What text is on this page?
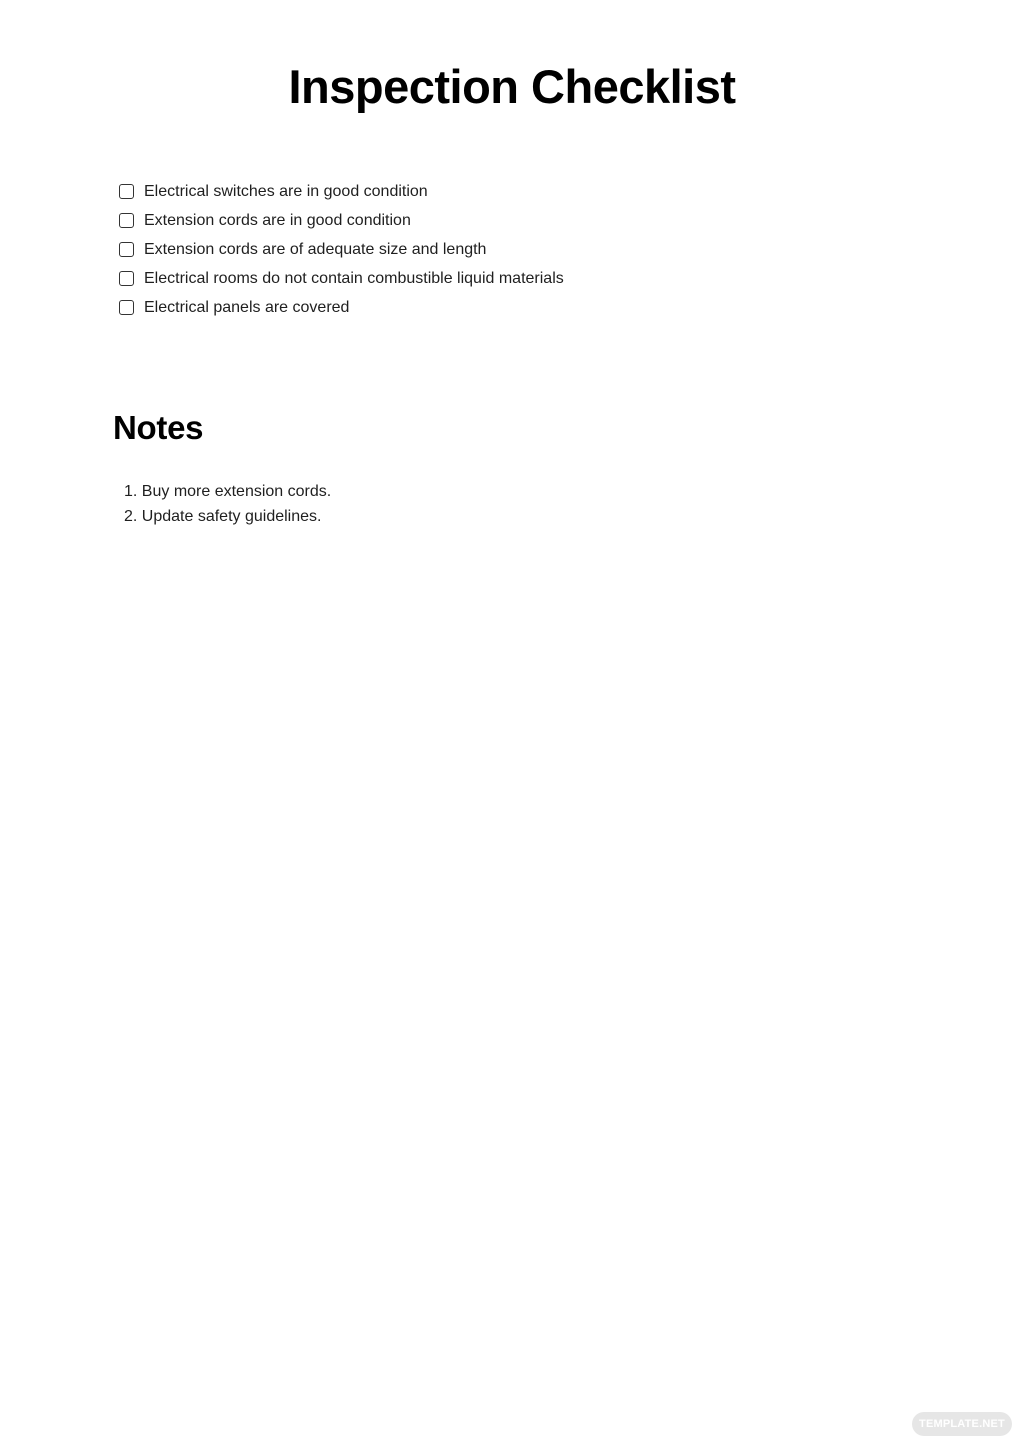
Inspection Checklist
Electrical switches are in good condition
Extension cords are in good condition
Extension cords are of adequate size and length
Electrical rooms do not contain combustible liquid materials
Electrical panels are covered
Notes
1. Buy more extension cords.
2. Update safety guidelines.
TEMPLATE.NET
